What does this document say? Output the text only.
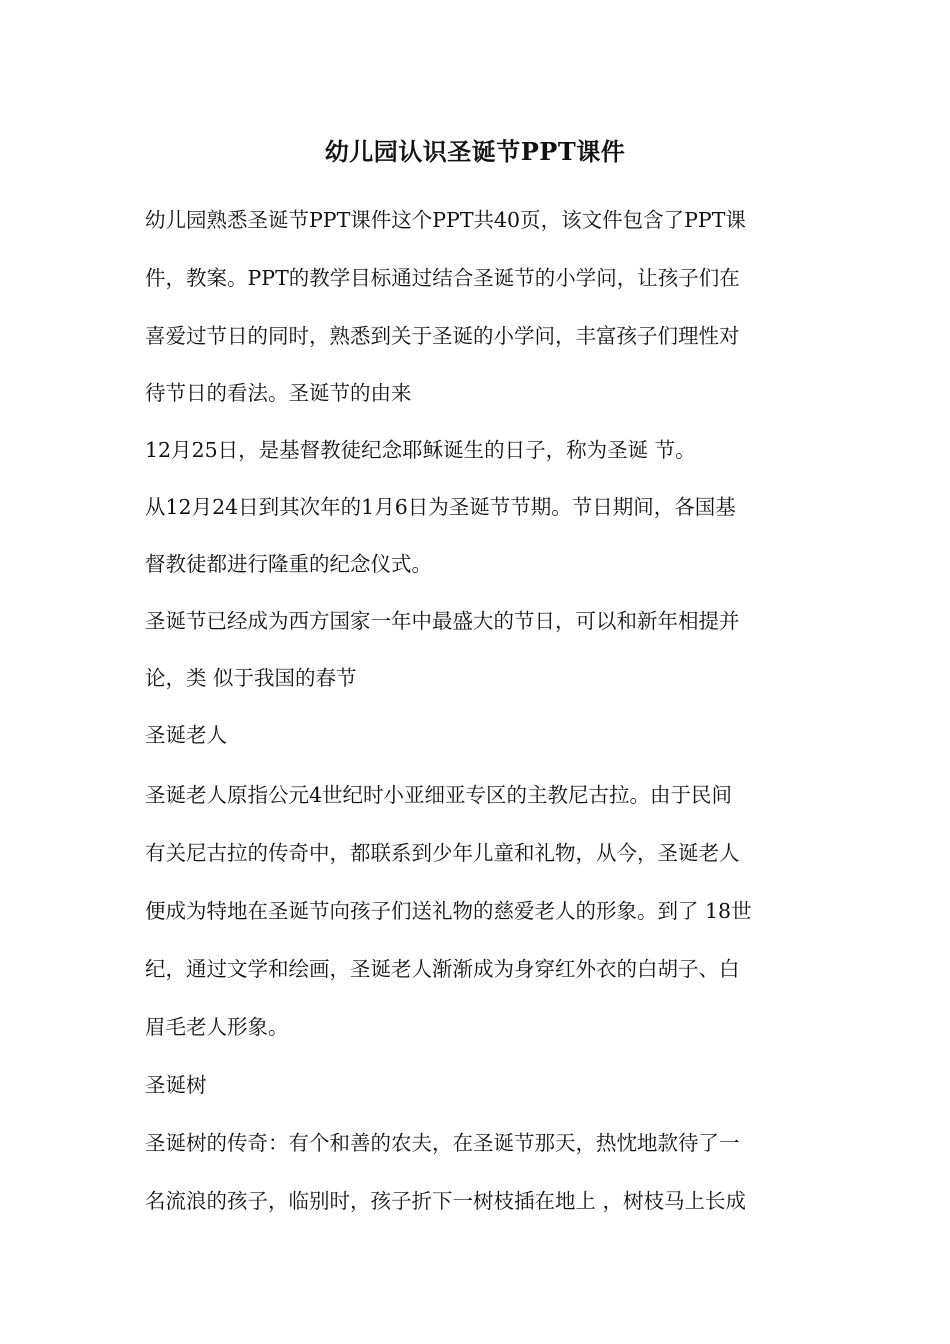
幼儿园认识圣诞节PPT课件
幼儿园熟悉圣诞节PPT课件这个PPT共40页，该文件包含了PPT课
件，教案。PPT的教学目标通过结合圣诞节的小学问，让孩子们在
喜爱过节日的同时，熟悉到关于圣诞的小学问，丰富孩子们理性对
待节日的看法。圣诞节的由来
12月25日，是基督教徒纪念耶稣诞生的日子，称为圣诞 节。
从12月24日到其次年的1月6日为圣诞节节期。节日期间，各国基
督教徒都进行隆重的纪念仪式。
圣诞节已经成为西方国家一年中最盛大的节日，可以和新年相提并
论，类 似于我国的春节
圣诞老人
圣诞老人原指公元4世纪时小亚细亚专区的主教尼古拉。由于民间
有关尼古拉的传奇中，都联系到少年儿童和礼物，从今，圣诞老人
便成为特地在圣诞节向孩子们送礼物的慈爱老人的形象。到了 18世
纪，通过文学和绘画，圣诞老人渐渐成为身穿红外衣的白胡子、白
眉毛老人形象。
圣诞树
圣诞树的传奇：有个和善的农夫，在圣诞节那天，热忱地款待了一
名流浪的孩子，临别时，孩子折下一树枝插在地上 ，树枝马上长成
